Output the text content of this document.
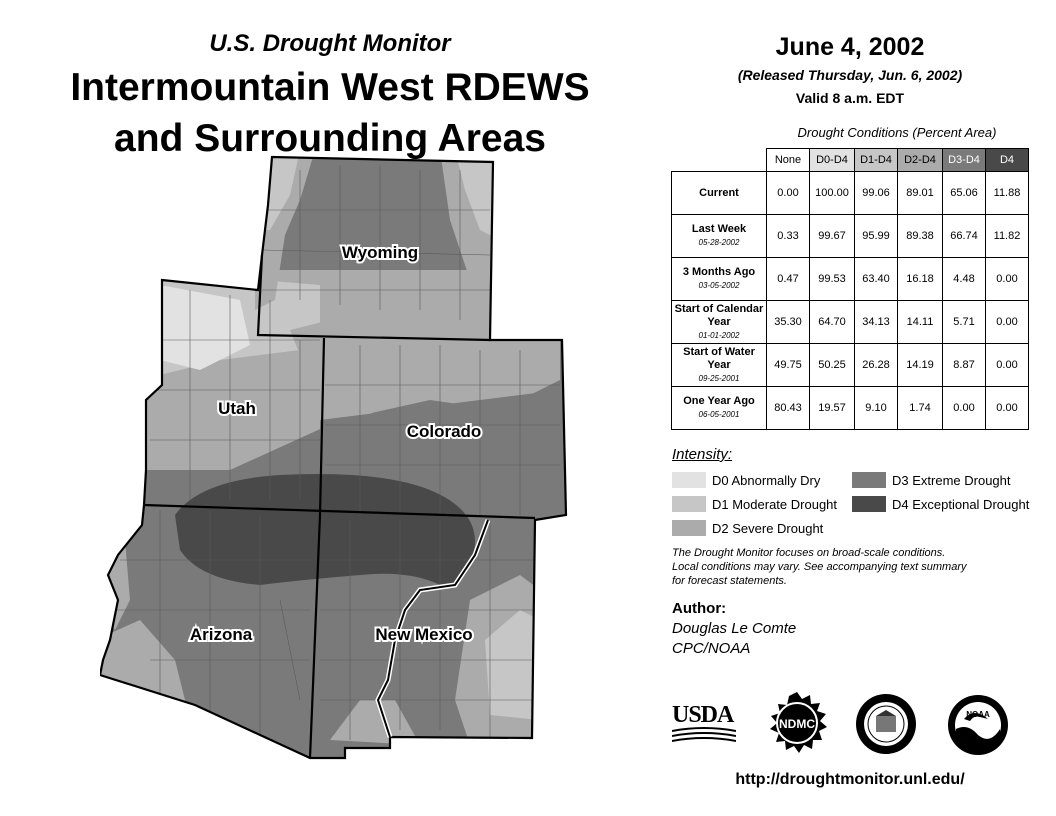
U.S. Drought Monitor
Intermountain West RDEWS
and Surrounding Areas
Wyoming
Utah
Colorado
Arizona	New Mexico
June 4, 2002
(Released Thursday, Jun. 6, 2002)
Valid 8 a.m. EDT
Drought Conditions (Percent Area)
	None	D0-D4	D1-D4	D2-D4	D3-D4	D4
Current	0.00	100.00	99.06	89.01	65.06	11.88
Last Week
05-28-2002	0.33	99.67	95.99	89.38	66.74	11.82
3 Months Ago
03-05-2002	0.47	99.53	63.40	16.18	4.48	0.00
Start of Calendar Year
01-01-2002	35.30	64.70	34.13	14.11	5.71	0.00
Start of Water Year
09-25-2001	49.75	50.25	26.28	14.19	8.87	0.00
One Year Ago
06-05-2001	80.43	19.57	9.10	1.74	0.00	0.00
Intensity:
D0 Abnormally Dry
D1 Moderate Drought
D2 Severe Drought
D3 Extreme Drought
D4 Exceptional Drought
The Drought Monitor focuses on broad-scale conditions.
Local conditions may vary. See accompanying text summary
for forecast statements.
Author:
Douglas Le Comte
CPC/NOAA
USDA	NDMC
NOAA
http://droughtmonitor.unl.edu/
